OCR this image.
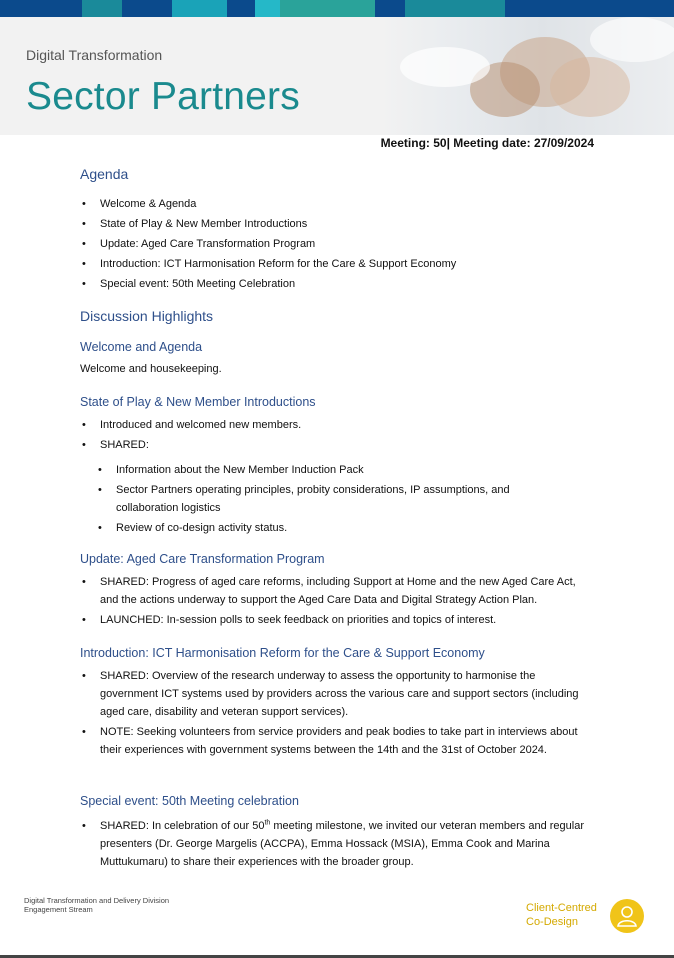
Digital Transformation
Sector Partners
Meeting: 50| Meeting date: 27/09/2024
Agenda
• Welcome & Agenda
• State of Play & New Member Introductions
• Update: Aged Care Transformation Program
• Introduction: ICT Harmonisation Reform for the Care & Support Economy
• Special event: 50th Meeting Celebration
Discussion Highlights
Welcome and Agenda
Welcome and housekeeping.
State of Play & New Member Introductions
• Introduced and welcomed new members.
• SHARED:
• Information about the New Member Induction Pack
• Sector Partners operating principles, probity considerations, IP assumptions, and collaboration logistics
• Review of co-design activity status.
Update: Aged Care Transformation Program
• SHARED: Progress of aged care reforms, including Support at Home and the new Aged Care Act, and the actions underway to support the Aged Care Data and Digital Strategy Action Plan.
• LAUNCHED: In-session polls to seek feedback on priorities and topics of interest.
Introduction: ICT Harmonisation Reform for the Care & Support Economy
• SHARED: Overview of the research underway to assess the opportunity to harmonise the government ICT systems used by providers across the various care and support sectors (including aged care, disability and veteran support services).
• NOTE: Seeking volunteers from service providers and peak bodies to take part in interviews about their experiences with government systems between the 14th and the 31st of October 2024.
Special event: 50th Meeting celebration
• SHARED: In celebration of our 50th meeting milestone, we invited our veteran members and regular presenters (Dr. George Margelis (ACCPA), Emma Hossack (MSIA), Emma Cook and Marina Muttukumaru) to share their experiences with the broader group.
Digital Transformation and Delivery Division
Engagement Stream	Client-Centred
Co-Design
